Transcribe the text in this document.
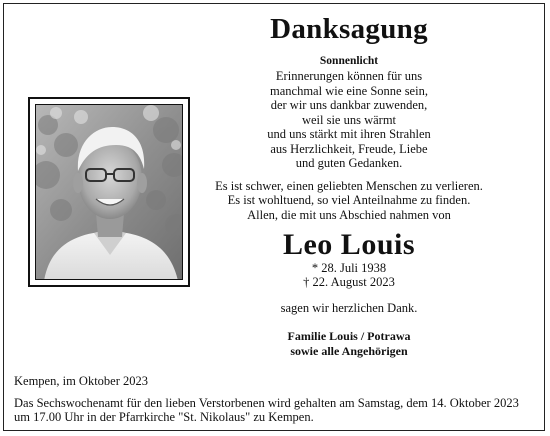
Danksagung
Sonnenlicht
Erinnerungen können für uns
manchmal wie eine Sonne sein,
der wir uns dankbar zuwenden,
weil sie uns wärmt
und uns stärkt mit ihren Strahlen
aus Herzlichkeit, Freude, Liebe
und guten Gedanken.
Es ist schwer, einen geliebten Menschen zu verlieren.
Es ist wohltuend, so viel Anteilnahme zu finden.
Allen, die mit uns Abschied nahmen von
Leo Louis
* 28. Juli 1938
† 22. August 2023
sagen wir herzlichen Dank.
Familie Louis / Potrawa
sowie alle Angehörigen
Kempen, im Oktober 2023
Das Sechswochenamt für den lieben Verstorbenen wird gehalten am Samstag, dem 14. Oktober 2023
um 17.00 Uhr in der Pfarrkirche "St. Nikolaus" zu Kempen.
